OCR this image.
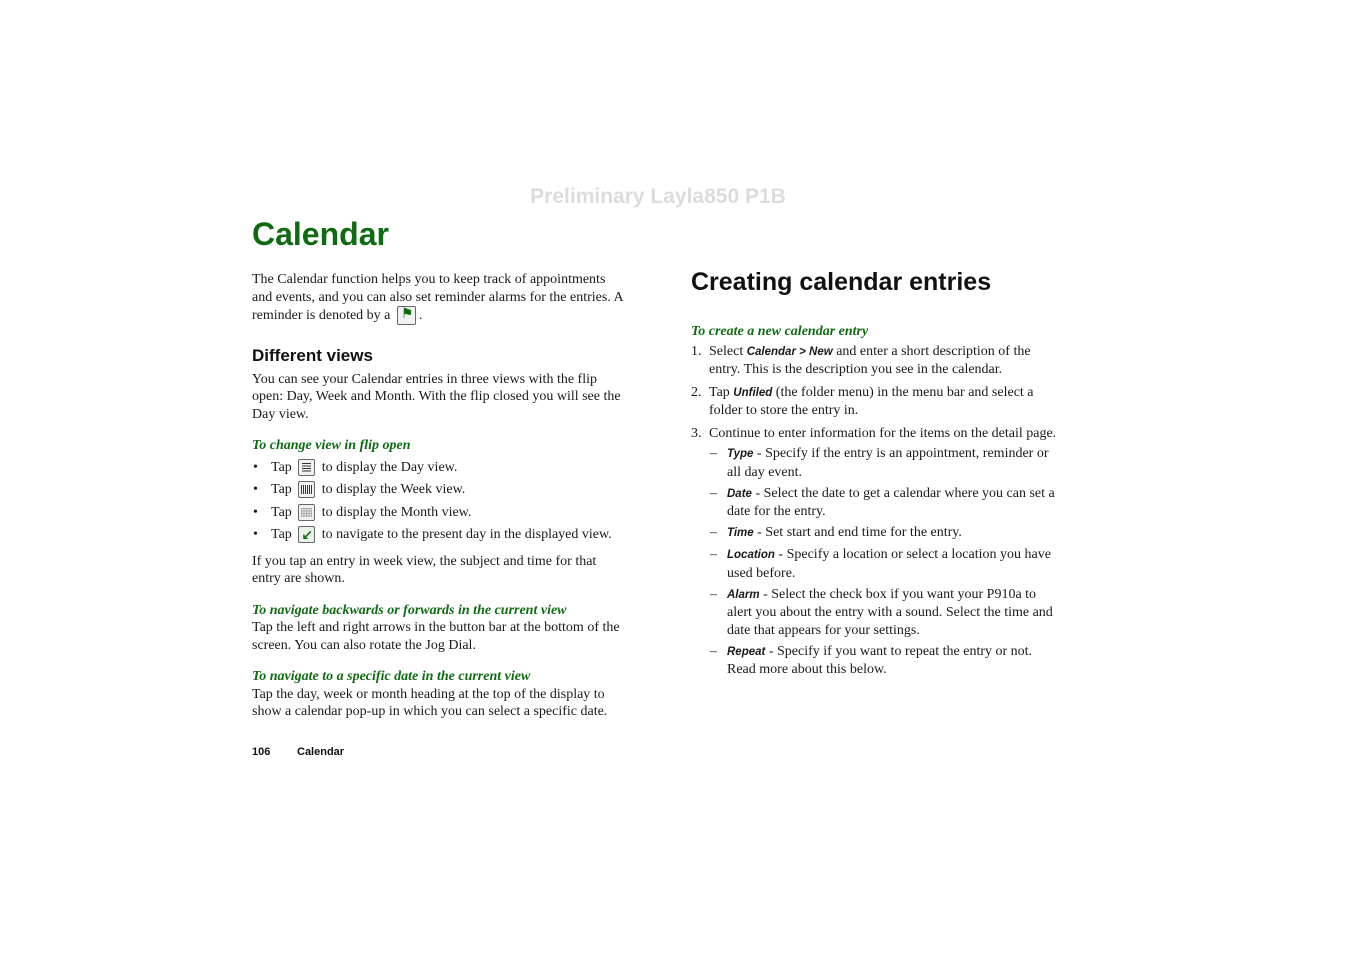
Preliminary Layla850 P1B
Calendar

The Calendar function helps you to keep track of appointments and events, and you can also set reminder alarms for the entries. A reminder is denoted by a ⚑ .

Different views

You can see your Calendar entries in three views with the flip open: Day, Week and Month. With the flip closed you will see the Day view.

To change view in flip open
• Tap to display the Day view.
• Tap to display the Week view.
• Tap to display the Month view.
• Tap ↙ to navigate to the present day in the displayed view.

If you tap an entry in week view, the subject and time for that entry are shown.

To navigate backwards or forwards in the current view

Tap the left and right arrows in the button bar at the bottom of the screen. You can also rotate the Jog Dial.

To navigate to a specific date in the current view

Tap the day, week or month heading at the top of the display to show a calendar pop-up in which you can select a specific date.

Creating calendar entries
To create a new calendar entry
1. Select Calendar > New and enter a short description of the entry. This is the description you see in the calendar.
2. Tap Unfiled (the folder menu) in the menu bar and select a folder to store the entry in.
3. Continue to enter information for the items on the detail page.
– Type - Specify if the entry is an appointment, reminder or all day event.
– Date - Select the date to get a calendar where you can set a date for the entry.
– Time - Set start and end time for the entry.
– Location - Specify a location or select a location you have used before.
– Alarm - Select the check box if you want your P910a to alert you about the entry with a sound. Select the time and date that appears for your settings.
– Repeat - Specify if you want to repeat the entry or not. Read more about this below.
106 Calendar
